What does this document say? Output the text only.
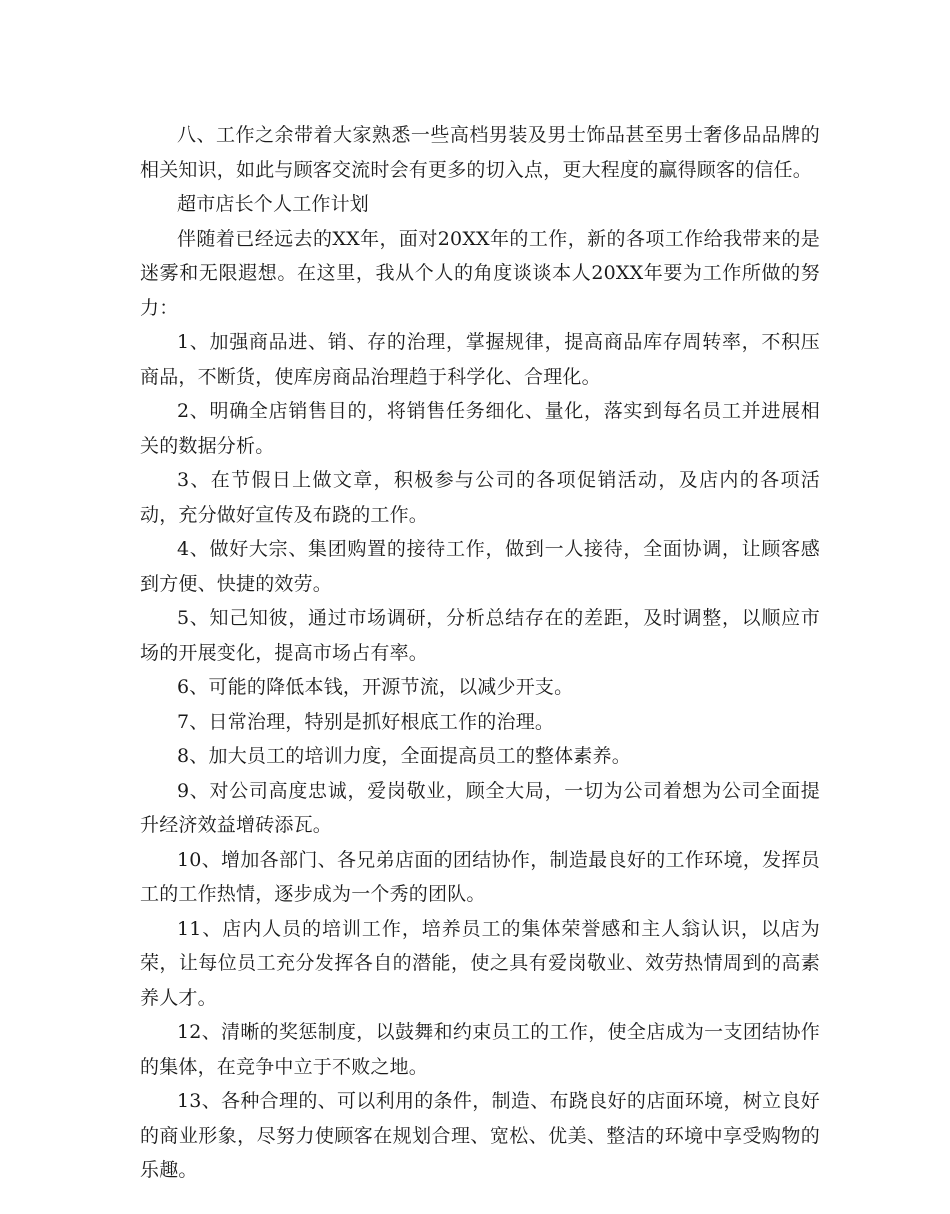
八、工作之余带着大家熟悉一些高档男装及男士饰品甚至男士奢侈品品牌的相关知识，如此与顾客交流时会有更多的切入点，更大程度的赢得顾客的信任。

超市店长个人工作计划

伴随着已经远去的XX年，面对20XX年的工作，新的各项工作给我带来的是迷雾和无限遐想。在这里，我从个人的角度谈谈本人20XX年要为工作所做的努力：

1、加强商品进、销、存的治理，掌握规律，提高商品库存周转率，不积压商品，不断货，使库房商品治理趋于科学化、合理化。

2、明确全店销售目的，将销售任务细化、量化，落实到每名员工并进展相关的数据分析。

3、在节假日上做文章，积极参与公司的各项促销活动，及店内的各项活动，充分做好宣传及布跷的工作。

4、做好大宗、集团购置的接待工作，做到一人接待，全面协调，让顾客感到方便、快捷的效劳。

5、知己知彼，通过市场调研，分析总结存在的差距，及时调整，以顺应市场的开展变化，提高市场占有率。

6、可能的降低本钱，开源节流，以减少开支。

7、日常治理，特别是抓好根底工作的治理。

8、加大员工的培训力度，全面提高员工的整体素养。

9、对公司高度忠诚，爱岗敬业，顾全大局，一切为公司着想为公司全面提升经济效益增砖添瓦。

10、增加各部门、各兄弟店面的团结协作，制造最良好的工作环境，发挥员工的工作热情，逐步成为一个秀的团队。

11、店内人员的培训工作，培养员工的集体荣誉感和主人翁认识，以店为荣，让每位员工充分发挥各自的潜能，使之具有爱岗敬业、效劳热情周到的高素养人才。

12、清晰的奖惩制度，以鼓舞和约束员工的工作，使全店成为一支团结协作的集体，在竞争中立于不败之地。

13、各种合理的、可以利用的条件，制造、布跷良好的店面环境，树立良好的商业形象，尽努力使顾客在规划合理、宽松、优美、整洁的环境中享受购物的乐趣。
